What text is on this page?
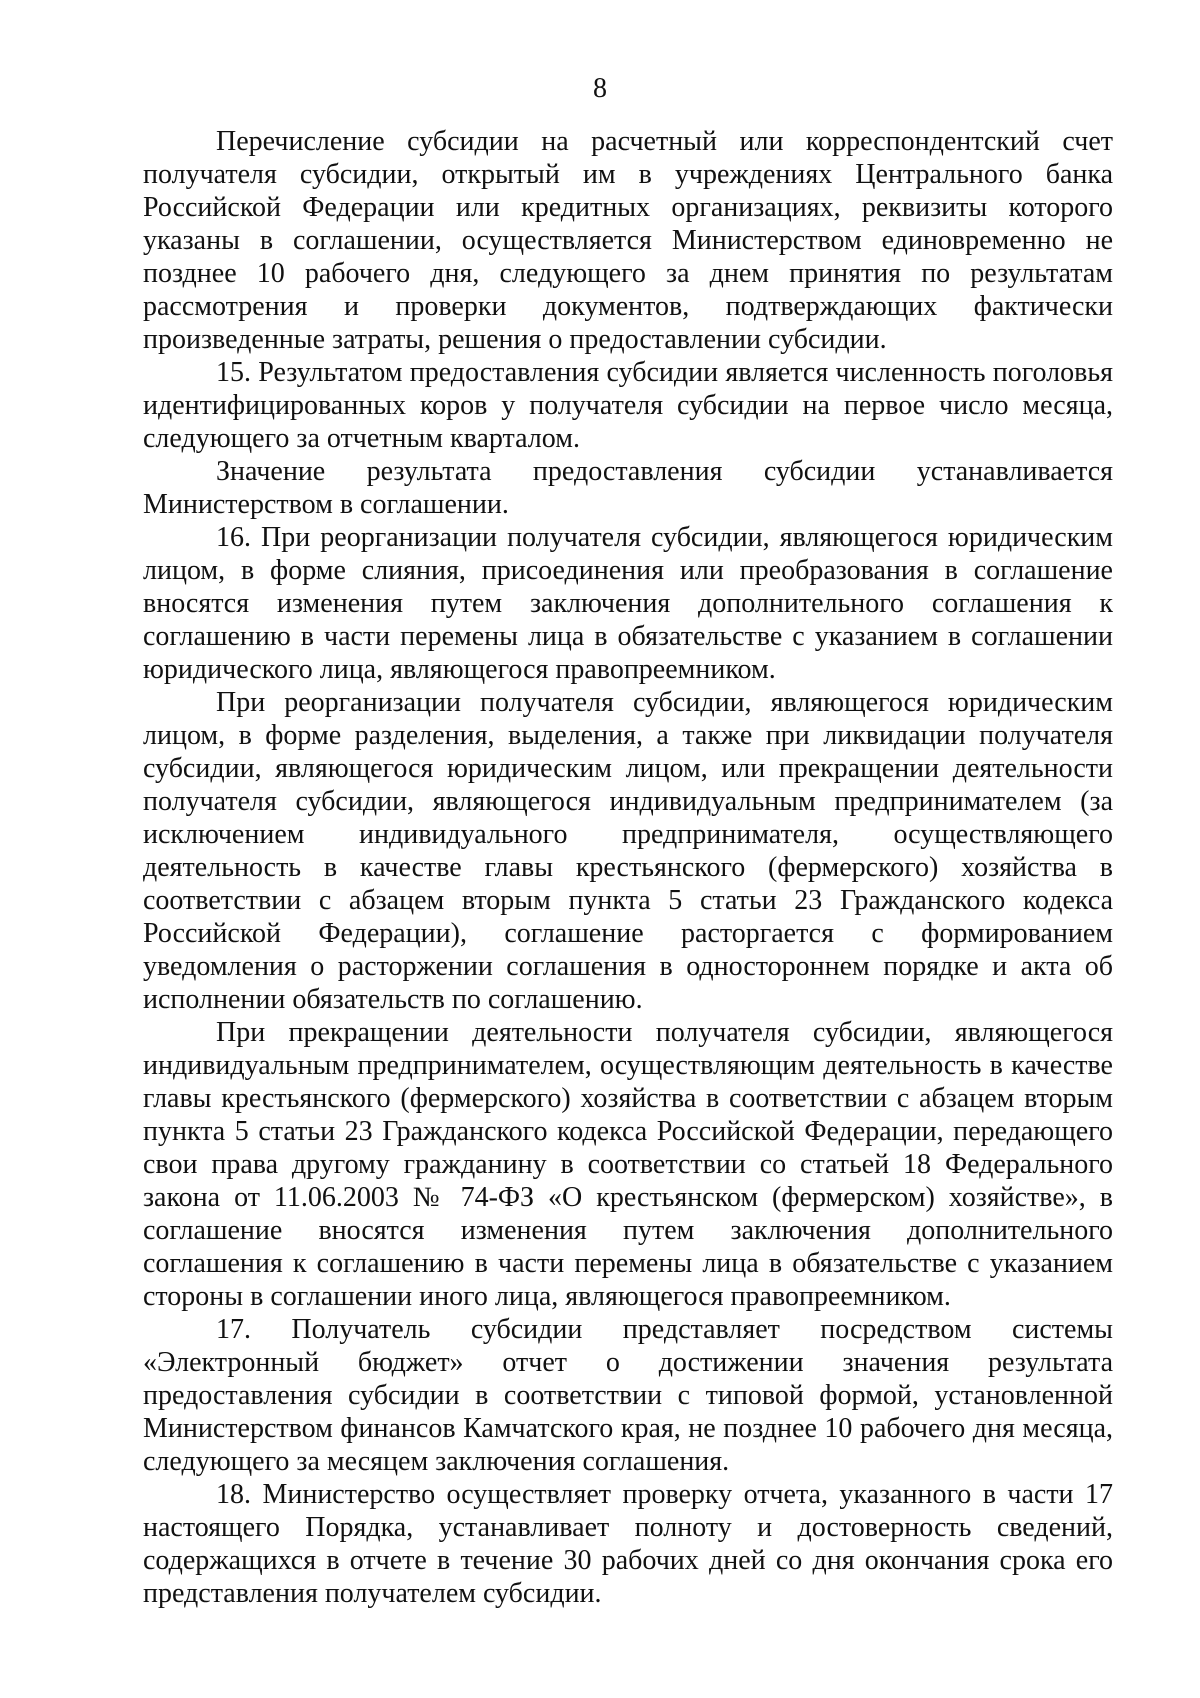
8

Перечисление субсидии на расчетный или корреспондентский счет получателя субсидии, открытый им в учреждениях Центрального банка Российской Федерации или кредитных организациях, реквизиты которого указаны в соглашении, осуществляется Министерством единовременно не позднее 10 рабочего дня, следующего за днем принятия по результатам рассмотрения и проверки документов, подтверждающих фактически произведенные затраты, решения о предоставлении субсидии.

15. Результатом предоставления субсидии является численность поголовья идентифицированных коров у получателя субсидии на первое число месяца, следующего за отчетным кварталом.

Значение результата предоставления субсидии устанавливается Министерством в соглашении.

16. При реорганизации получателя субсидии, являющегося юридическим лицом, в форме слияния, присоединения или преобразования в соглашение вносятся изменения путем заключения дополнительного соглашения к соглашению в части перемены лица в обязательстве с указанием в соглашении юридического лица, являющегося правопреемником.

При реорганизации получателя субсидии, являющегося юридическим лицом, в форме разделения, выделения, а также при ликвидации получателя субсидии, являющегося юридическим лицом, или прекращении деятельности получателя субсидии, являющегося индивидуальным предпринимателем (за исключением индивидуального предпринимателя, осуществляющего деятельность в качестве главы крестьянского (фермерского) хозяйства в соответствии с абзацем вторым пункта 5 статьи 23 Гражданского кодекса Российской Федерации), соглашение расторгается с формированием уведомления о расторжении соглашения в одностороннем порядке и акта об исполнении обязательств по соглашению.

При прекращении деятельности получателя субсидии, являющегося индивидуальным предпринимателем, осуществляющим деятельность в качестве главы крестьянского (фермерского) хозяйства в соответствии с абзацем вторым пункта 5 статьи 23 Гражданского кодекса Российской Федерации, передающего свои права другому гражданину в соответствии со статьей 18 Федерального закона от 11.06.2003 № 74-ФЗ «О крестьянском (фермерском) хозяйстве», в соглашение вносятся изменения путем заключения дополнительного соглашения к соглашению в части перемены лица в обязательстве с указанием стороны в соглашении иного лица, являющегося правопреемником.

17. Получатель субсидии представляет посредством системы «Электронный бюджет» отчет о достижении значения результата предоставления субсидии в соответствии с типовой формой, установленной Министерством финансов Камчатского края, не позднее 10 рабочего дня месяца, следующего за месяцем заключения соглашения.

18. Министерство осуществляет проверку отчета, указанного в части 17 настоящего Порядка, устанавливает полноту и достоверность сведений, содержащихся в отчете в течение 30 рабочих дней со дня окончания срока его представления получателем субсидии.
